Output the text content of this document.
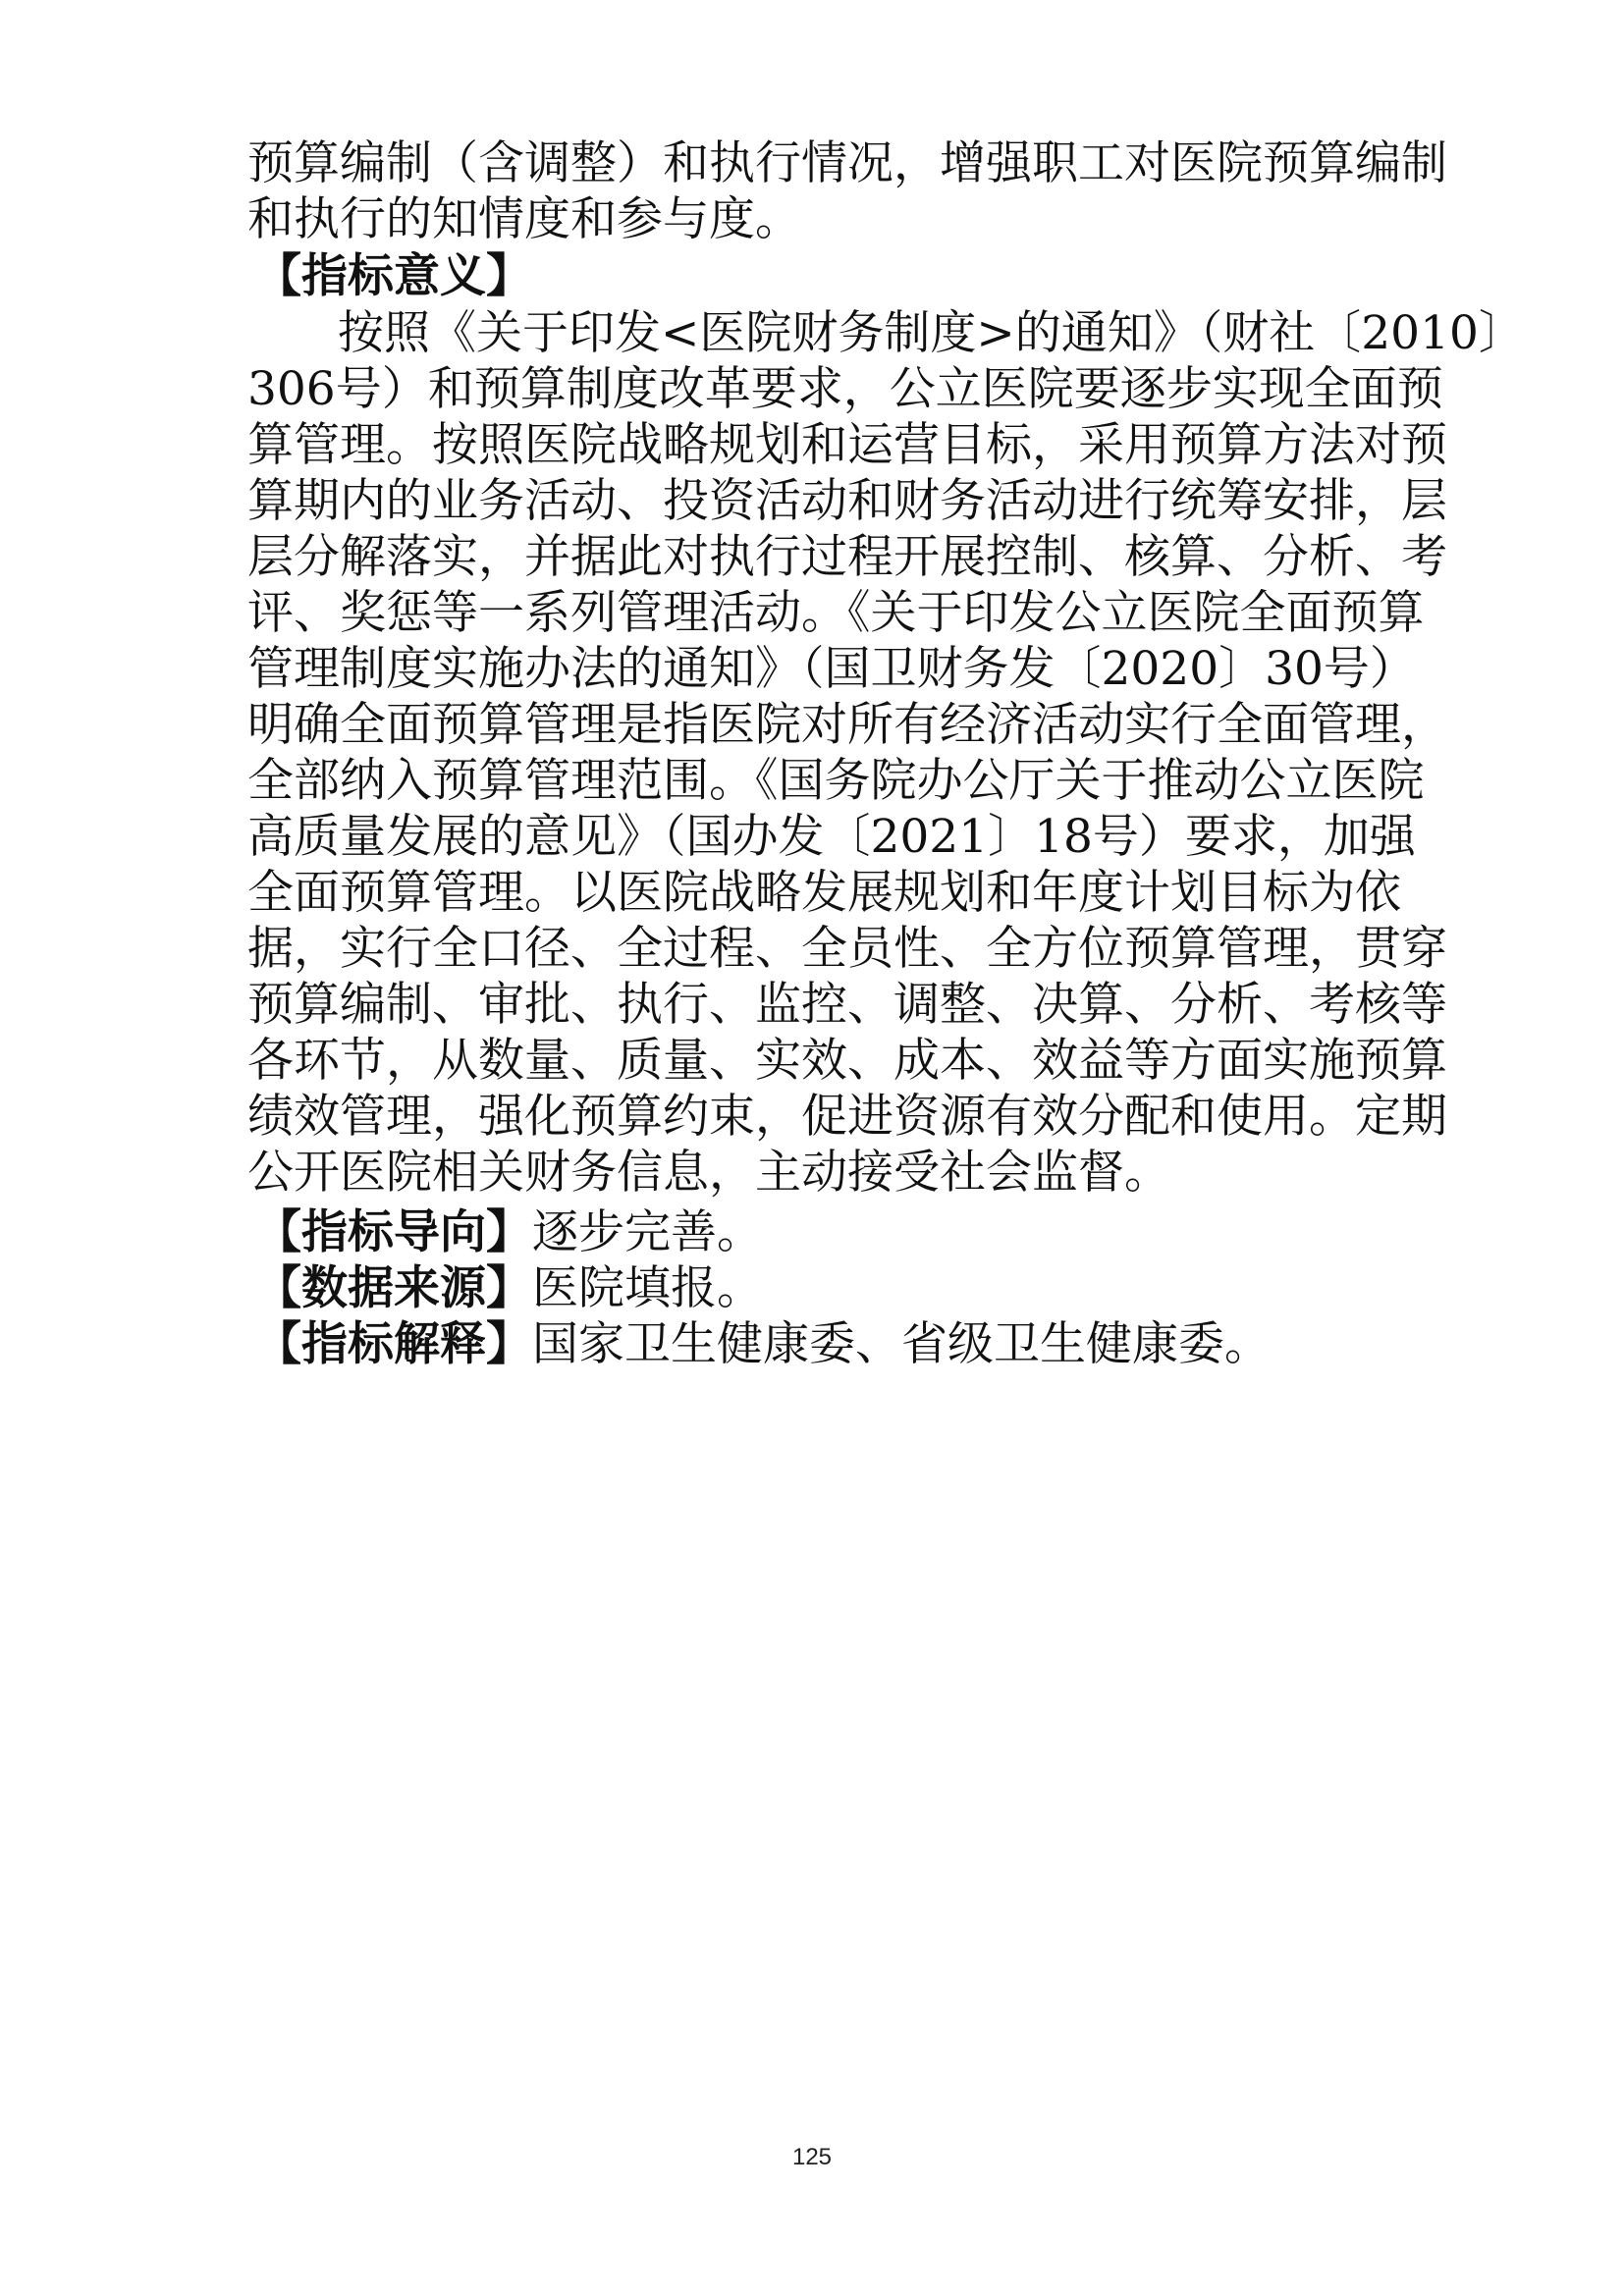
预算编制（含调整）和执行情况，增强职工对医院预算编制
和执行的知情度和参与度。
【指标意义】
按照《关于印发<医院财务制度>的通知》（财社〔2010〕
306号）和预算制度改革要求，公立医院要逐步实现全面预
算管理。按照医院战略规划和运营目标，采用预算方法对预
算期内的业务活动、投资活动和财务活动进行统筹安排，层
层分解落实，并据此对执行过程开展控制、核算、分析、考
评、奖惩等一系列管理活动。《关于印发公立医院全面预算
管理制度实施办法的通知》（国卫财务发〔2020〕30号）
明确全面预算管理是指医院对所有经济活动实行全面管理，
全部纳入预算管理范围。《国务院办公厅关于推动公立医院
高质量发展的意见》（国办发〔2021〕18号）要求，加强
全面预算管理。以医院战略发展规划和年度计划目标为依
据，实行全口径、全过程、全员性、全方位预算管理，贯穿
预算编制、审批、执行、监控、调整、决算、分析、考核等
各环节，从数量、质量、实效、成本、效益等方面实施预算
绩效管理，强化预算约束，促进资源有效分配和使用。定期
公开医院相关财务信息，主动接受社会监督。
【指标导向】逐步完善。
【数据来源】医院填报。
【指标解释】国家卫生健康委、省级卫生健康委。
125
